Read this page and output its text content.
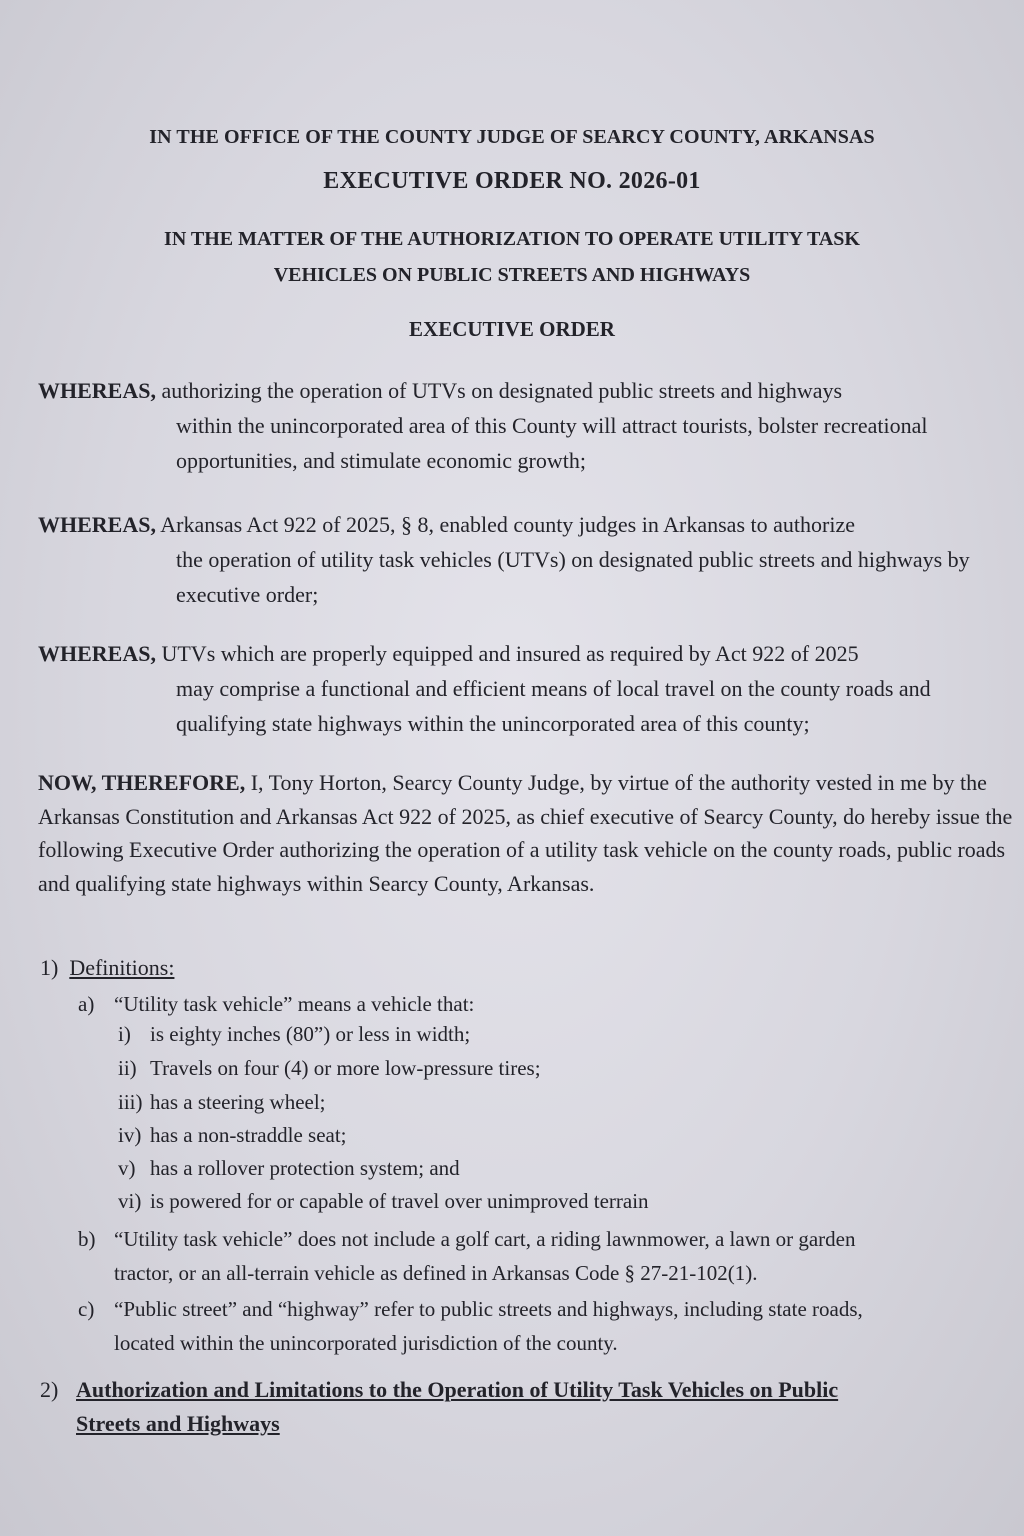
IN THE OFFICE OF THE COUNTY JUDGE OF SEARCY COUNTY, ARKANSAS
EXECUTIVE ORDER NO. 2026-01
IN THE MATTER OF THE AUTHORIZATION TO OPERATE UTILITY TASK
VEHICLES ON PUBLIC STREETS AND HIGHWAYS
EXECUTIVE ORDER
WHEREAS, authorizing the operation of UTVs on designated public streets and highways
within the unincorporated area of this County will attract tourists, bolster recreational opportunities, and stimulate economic growth;
WHEREAS, Arkansas Act 922 of 2025, § 8, enabled county judges in Arkansas to authorize
the operation of utility task vehicles (UTVs) on designated public streets and highways by executive order;
WHEREAS, UTVs which are properly equipped and insured as required by Act 922 of 2025
may comprise a functional and efficient means of local travel on the county roads and qualifying state highways within the unincorporated area of this county;
NOW, THEREFORE, I, Tony Horton, Searcy County Judge, by virtue of the authority vested in me by the Arkansas Constitution and Arkansas Act 922 of 2025, as chief executive of Searcy County, do hereby issue the following Executive Order authorizing the operation of a utility task vehicle on the county roads, public roads and qualifying state highways within Searcy County, Arkansas.
1) Definitions:
a) “Utility task vehicle” means a vehicle that:
i) is eighty inches (80”) or less in width;
ii) Travels on four (4) or more low-pressure tires;
iii) has a steering wheel;
iv) has a non-straddle seat;
v) has a rollover protection system; and
vi) is powered for or capable of travel over unimproved terrain
b) “Utility task vehicle” does not include a golf cart, a riding lawnmower, a lawn or garden
tractor, or an all-terrain vehicle as defined in Arkansas Code § 27-21-102(1).
c) “Public street” and “highway” refer to public streets and highways, including state roads,
located within the unincorporated jurisdiction of the county.
2) Authorization and Limitations to the Operation of Utility Task Vehicles on Public
Streets and Highways
